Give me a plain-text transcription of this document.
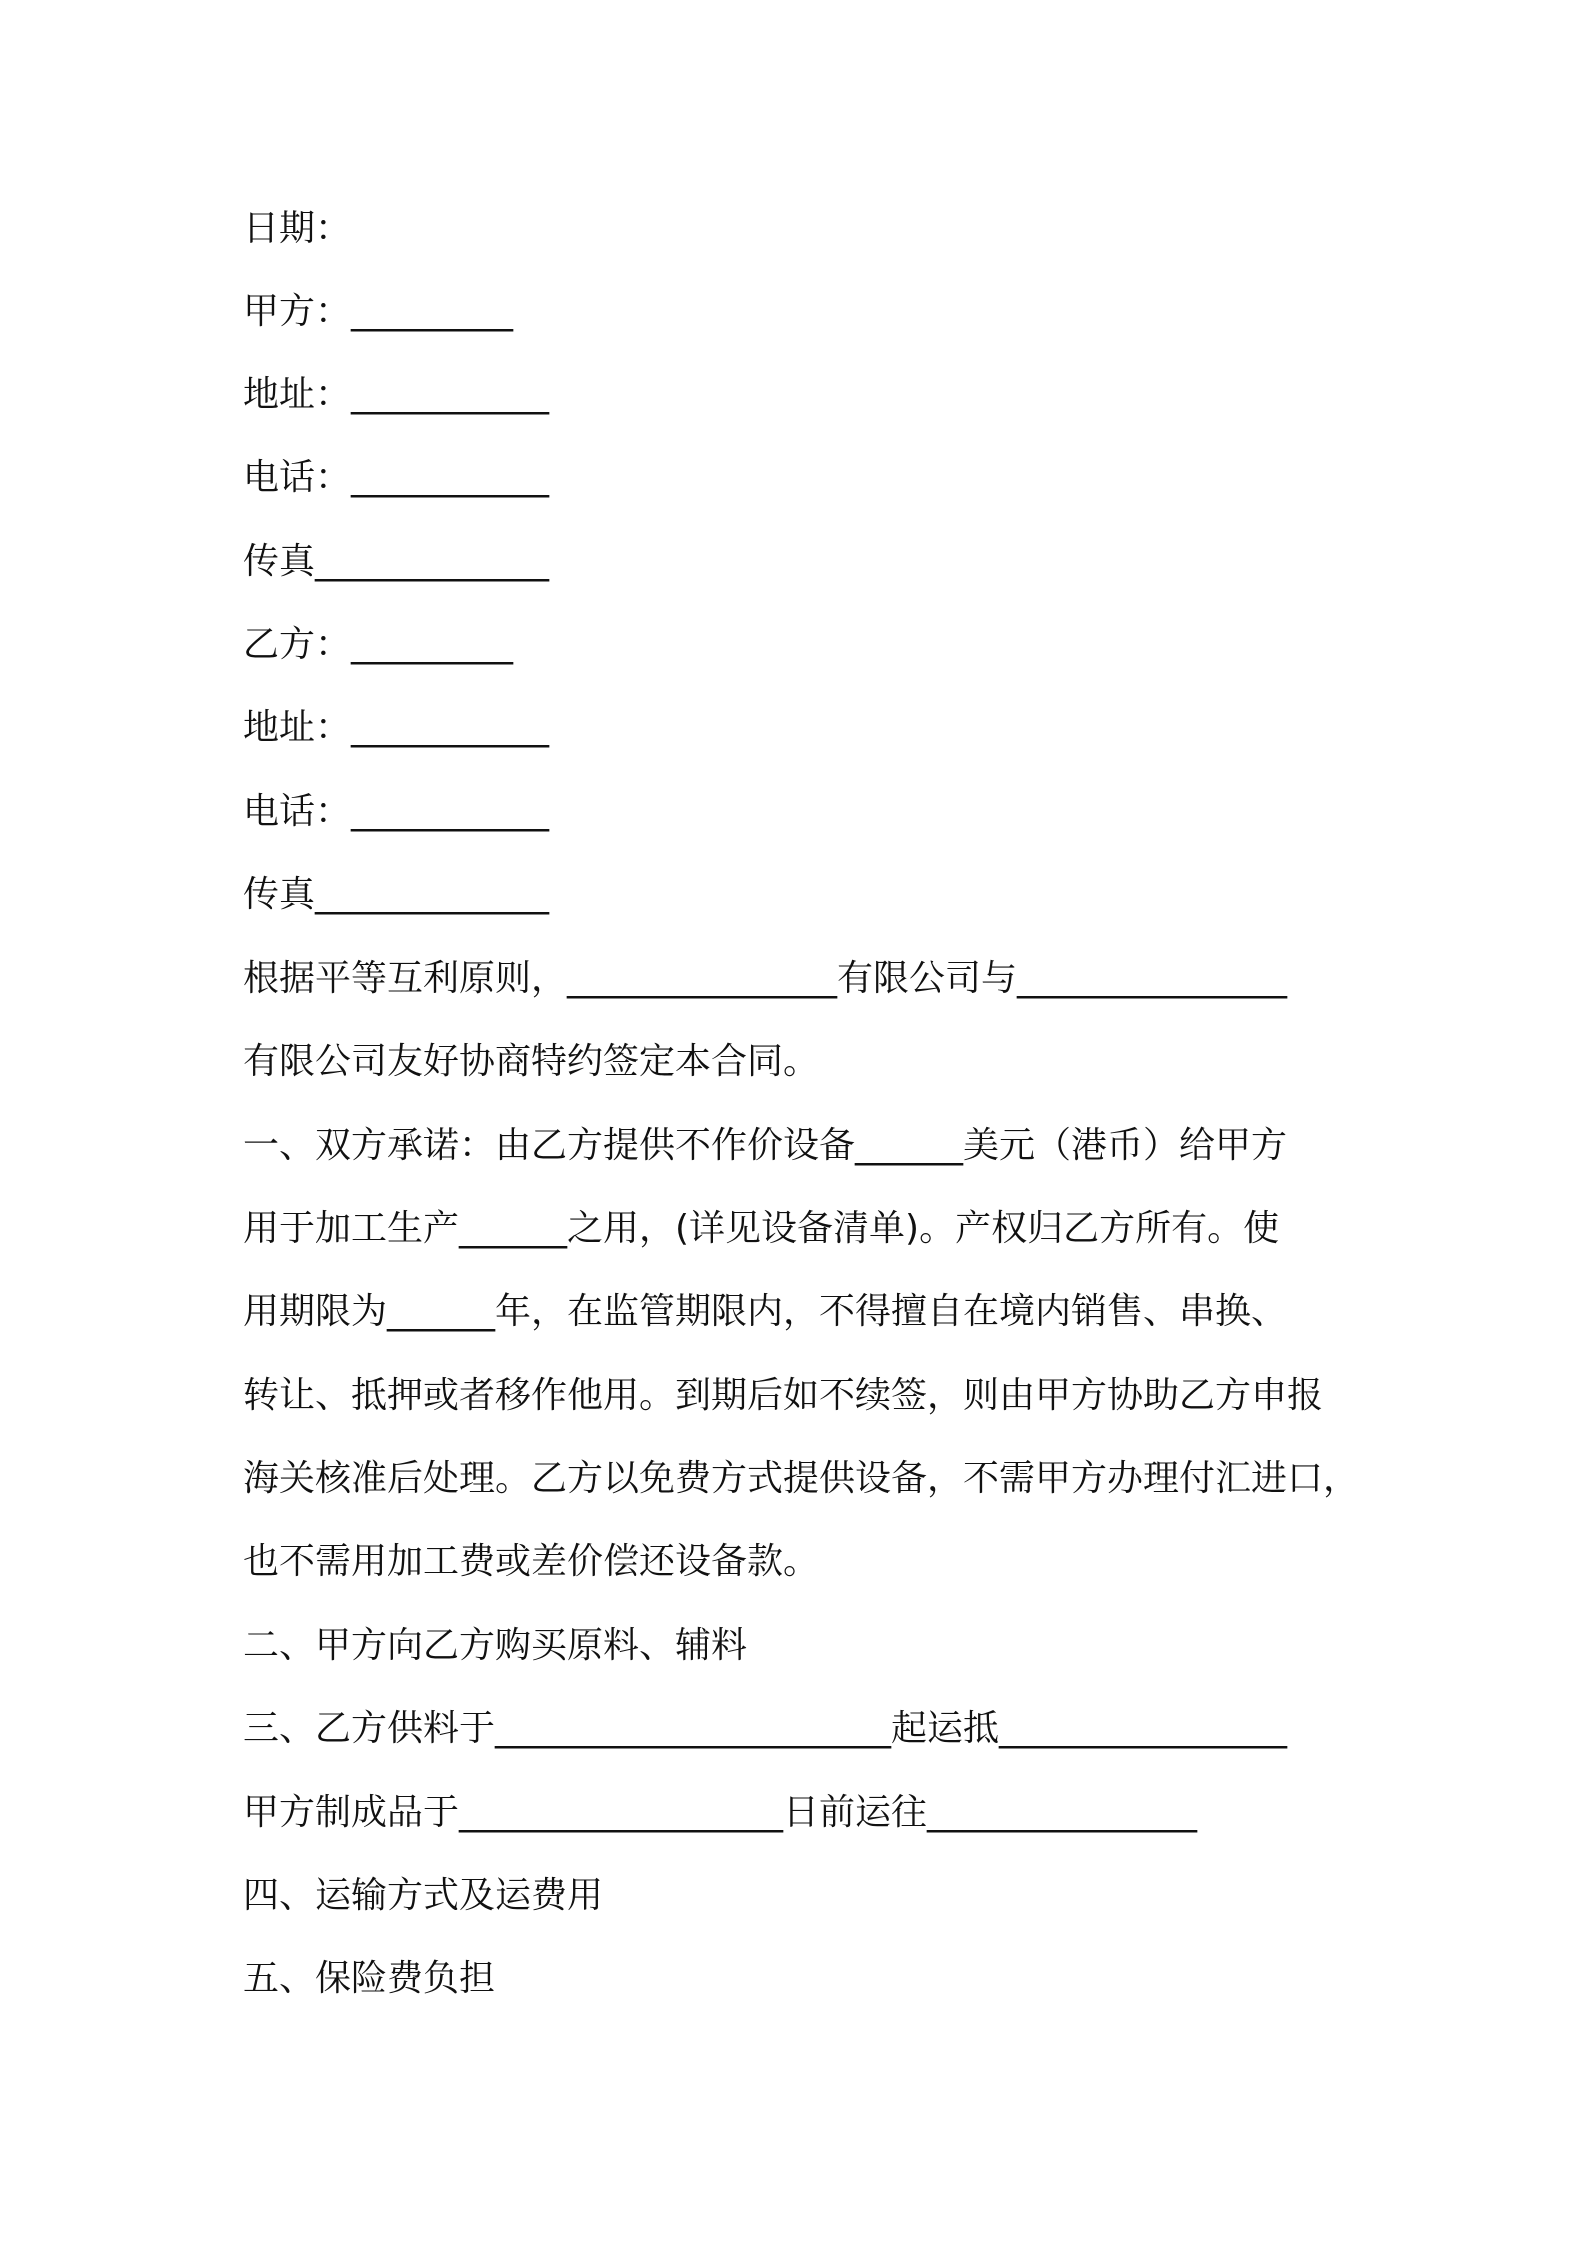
日期：
甲方：_________
地址：___________
电话：___________
传真_____________
乙方：_________
地址：___________
电话：___________
传真_____________
根据平等互利原则，_______________有限公司与_______________
有限公司友好协商特约签定本合同。
一、双方承诺：由乙方提供不作价设备______美元（港币）给甲方
用于加工生产______之用，(详见设备清单)。产权归乙方所有。使
用期限为______年，在监管期限内，不得擅自在境内销售、串换、
转让、抵押或者移作他用。到期后如不续签，则由甲方协助乙方申报
海关核准后处理。乙方以免费方式提供设备，不需甲方办理付汇进口，
也不需用加工费或差价偿还设备款。
二、甲方向乙方购买原料、辅料
三、乙方供料于______________________起运抵________________
甲方制成品于__________________日前运往_______________
四、运输方式及运费用
五、保险费负担
